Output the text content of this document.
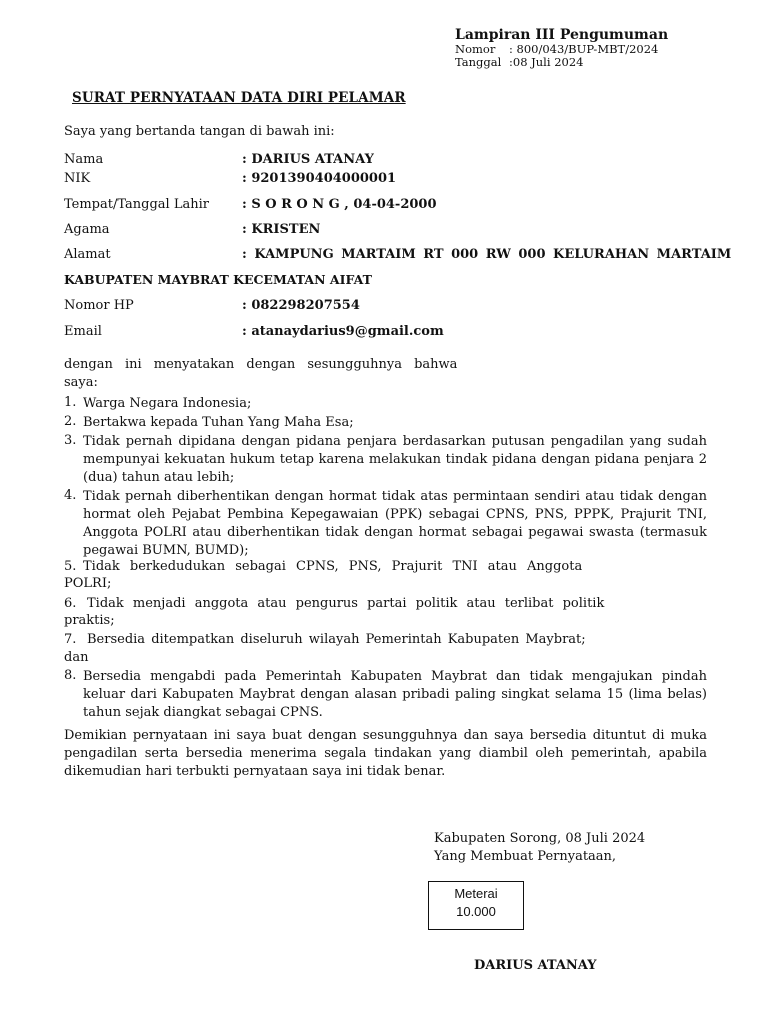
Lampiran III Pengumuman
Nomor : 800/043/BUP-MBT/2024
Tanggal :08 Juli 2024
SURAT PERNYATAAN DATA DIRI PELAMAR
Saya yang bertanda tangan di bawah ini:
Nama	: DARIUS ATANAY
NIK	: 9201390404000001
Tempat/Tanggal Lahir	: S O R O N G , 04-04-2000
Agama	: KRISTEN
Alamat	: KAMPUNG MARTAIM RT 000 RW 000 KELURAHAN MARTAIM
KABUPATEN MAYBRAT KECEMATAN AIFAT
Nomor HP	: 082298207554
Email	: atanaydarius9@gmail.com
dengan ini menyatakan dengan sesungguhnya bahwa
saya:
1. Warga Negara Indonesia;
2. Bertakwa kepada Tuhan Yang Maha Esa;
3. Tidak pernah dipidana dengan pidana penjara berdasarkan putusan pengadilan yang sudah mempunyai kekuatan hukum tetap karena melakukan tindak pidana dengan pidana penjara 2 (dua) tahun atau lebih;
4. Tidak pernah diberhentikan dengan hormat tidak atas permintaan sendiri atau tidak dengan hormat oleh Pejabat Pembina Kepegawaian (PPK) sebagai CPNS, PNS, PPPK, Prajurit TNI, Anggota POLRI atau diberhentikan tidak dengan hormat sebagai pegawai swasta (termasuk pegawai BUMN, BUMD);
5. Tidak berkedudukan sebagai CPNS, PNS, Prajurit TNI atau Anggota
POLRI;
6. Tidak menjadi anggota atau pengurus partai politik atau terlibat politik
praktis;
7. Bersedia ditempatkan diseluruh wilayah Pemerintah Kabupaten Maybrat;
dan
8. Bersedia mengabdi pada Pemerintah Kabupaten Maybrat dan tidak mengajukan pindah keluar dari Kabupaten Maybrat dengan alasan pribadi paling singkat selama 15 (lima belas) tahun sejak diangkat sebagai CPNS.
Demikian pernyataan ini saya buat dengan sesungguhnya dan saya bersedia dituntut di muka pengadilan serta bersedia menerima segala tindakan yang diambil oleh pemerintah, apabila dikemudian hari terbukti pernyataan saya ini tidak benar.
Kabupaten Sorong, 08 Juli 2024
Yang Membuat Pernyataan,
Meterai
10.000
DARIUS ATANAY
